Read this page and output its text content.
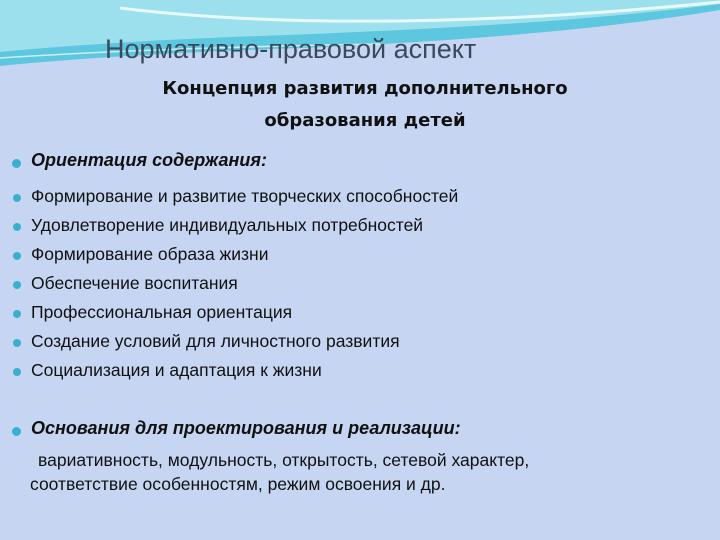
Нормативно-правовой аспект
Концепция развития дополнительного
образования детей
Ориентация содержания:
Формирование и развитие творческих способностей
Удовлетворение индивидуальных потребностей
Формирование образа жизни
Обеспечение воспитания
Профессиональная ориентация
Создание условий для личностного развития
Социализация и адаптация к жизни
Основания для проектирования и реализации:
вариативность, модульность, открытость, сетевой характер,
соответствие особенностям, режим освоения и др.
